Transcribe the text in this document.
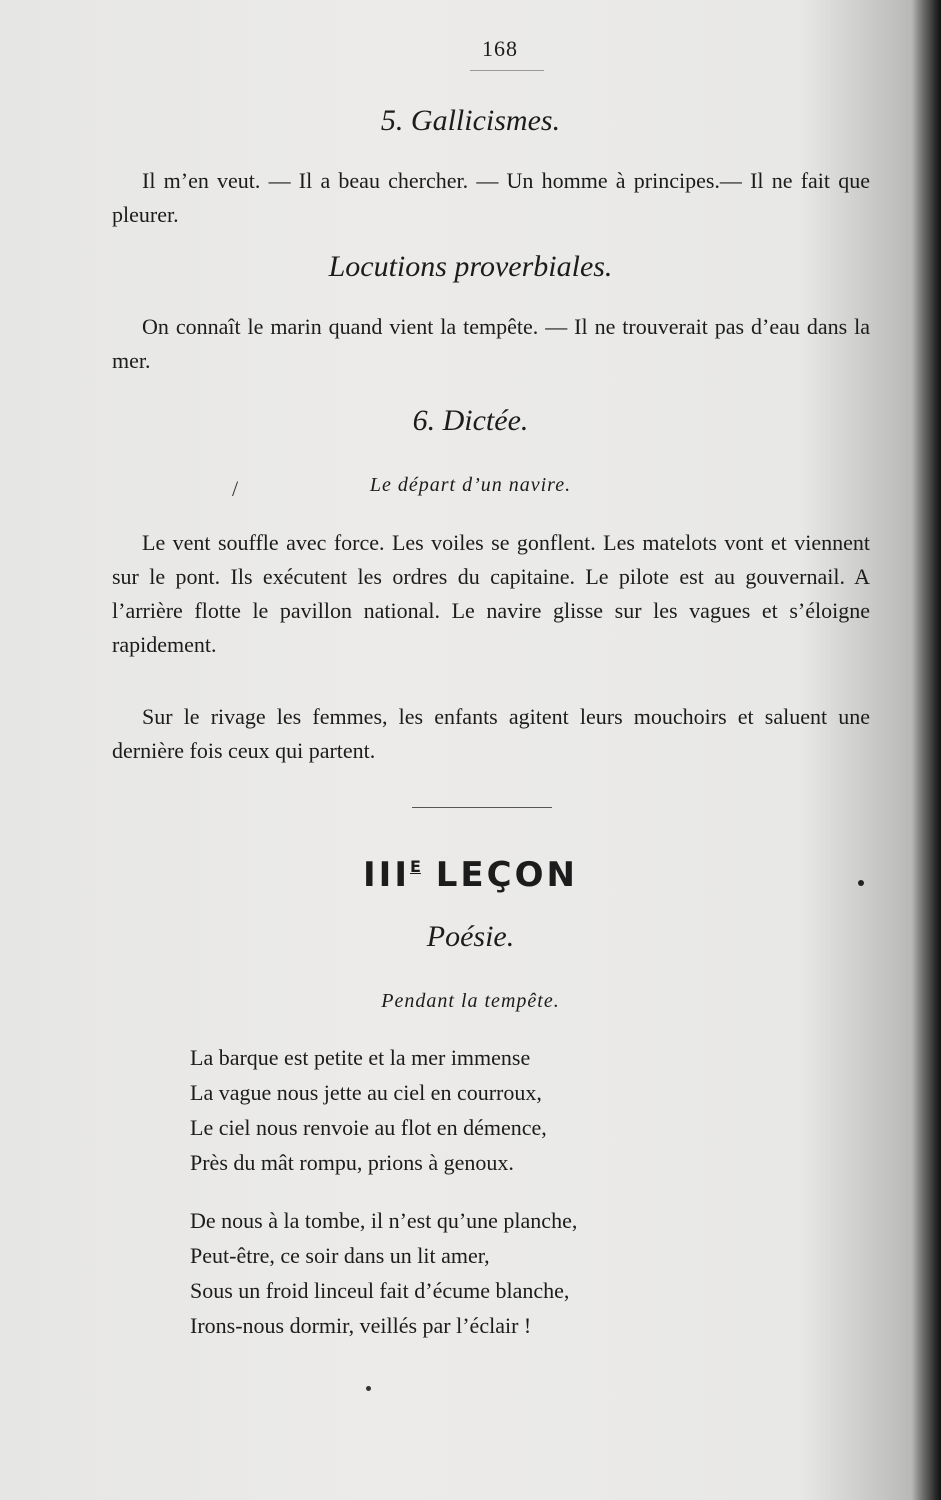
168
5. Gallicismes.

Il m’en veut. — Il a beau chercher. — Un homme à principes.— Il ne fait que pleurer.

Locutions proverbiales.

On connaît le marin quand vient la tempête. — Il ne trouverait pas d’eau dans la mer.

6. Dictée.
/	Le départ d’un navire.

Le vent souffle avec force. Les voiles se gonflent. Les matelots vont et viennent sur le pont. Ils exécutent les ordres du capitaine. Le pilote est au gouvernail. A l’arrière flotte le pavillon national. Le navire glisse sur les vagues et s’éloigne rapidement.

Sur le rivage les femmes, les enfants agitent leurs mouchoirs et saluent une dernière fois ceux qui partent.

$III^E$ LEÇON
Poésie.
Pendant la tempête.
La barque est petite et la mer immense
La vague nous jette au ciel en courroux,
Le ciel nous renvoie au flot en démence,
Près du mât rompu, prions à genoux.
De nous à la tombe, il n’est qu’une planche,
Peut-être, ce soir dans un lit amer,
Sous un froid linceul fait d’écume blanche,
Irons-nous dormir, veillés par l’éclair !
